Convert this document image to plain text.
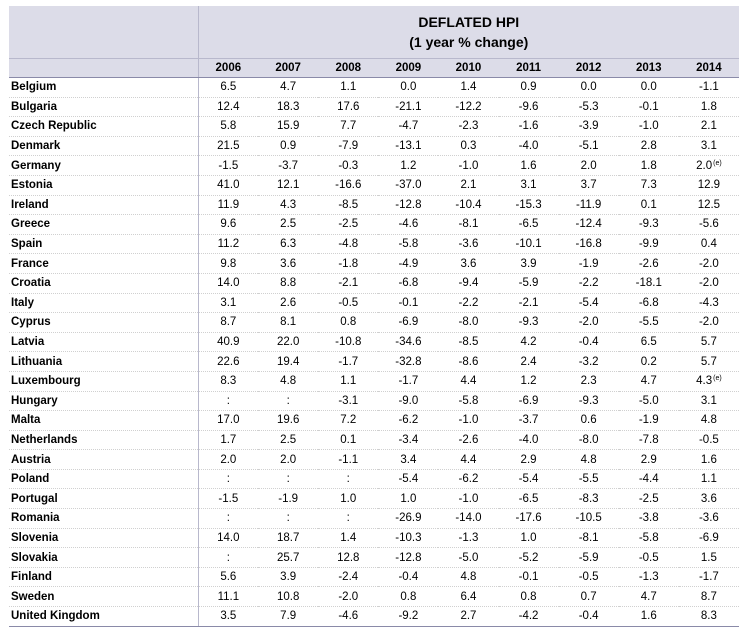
	DEFLATED HPI
(1 year % change)								

	2006	2007	2008	2009	2010	2011	2012	2013	2014
Belgium	6.5	4.7	1.1	0.0	1.4	0.9	0.0	0.0	-1.1
Bulgaria	12.4	18.3	17.6	-21.1	-12.2	-9.6	-5.3	-0.1	1.8
Czech Republic	5.8	15.9	7.7	-4.7	-2.3	-1.6	-3.9	-1.0	2.1
Denmark	21.5	0.9	-7.9	-13.1	0.3	-4.0	-5.1	2.8	3.1
Germany	-1.5	-3.7	-0.3	1.2	-1.0	1.6	2.0	1.8	2.0$^{(e)}$
Estonia	41.0	12.1	-16.6	-37.0	2.1	3.1	3.7	7.3	12.9
Ireland	11.9	4.3	-8.5	-12.8	-10.4	-15.3	-11.9	0.1	12.5
Greece	9.6	2.5	-2.5	-4.6	-8.1	-6.5	-12.4	-9.3	-5.6
Spain	11.2	6.3	-4.8	-5.8	-3.6	-10.1	-16.8	-9.9	0.4
France	9.8	3.6	-1.8	-4.9	3.6	3.9	-1.9	-2.6	-2.0
Croatia	14.0	8.8	-2.1	-6.8	-9.4	-5.9	-2.2	-18.1	-2.0
Italy	3.1	2.6	-0.5	-0.1	-2.2	-2.1	-5.4	-6.8	-4.3
Cyprus	8.7	8.1	0.8	-6.9	-8.0	-9.3	-2.0	-5.5	-2.0
Latvia	40.9	22.0	-10.8	-34.6	-8.5	4.2	-0.4	6.5	5.7
Lithuania	22.6	19.4	-1.7	-32.8	-8.6	2.4	-3.2	0.2	5.7
Luxembourg	8.3	4.8	1.1	-1.7	4.4	1.2	2.3	4.7	4.3$^{(e)}$
Hungary	:	:	-3.1	-9.0	-5.8	-6.9	-9.3	-5.0	3.1
Malta	17.0	19.6	7.2	-6.2	-1.0	-3.7	0.6	-1.9	4.8
Netherlands	1.7	2.5	0.1	-3.4	-2.6	-4.0	-8.0	-7.8	-0.5
Austria	2.0	2.0	-1.1	3.4	4.4	2.9	4.8	2.9	1.6
Poland	:	:	:	-5.4	-6.2	-5.4	-5.5	-4.4	1.1
Portugal	-1.5	-1.9	1.0	1.0	-1.0	-6.5	-8.3	-2.5	3.6
Romania	:	:	:	-26.9	-14.0	-17.6	-10.5	-3.8	-3.6
Slovenia	14.0	18.7	1.4	-10.3	-1.3	1.0	-8.1	-5.8	-6.9
Slovakia	:	25.7	12.8	-12.8	-5.0	-5.2	-5.9	-0.5	1.5
Finland	5.6	3.9	-2.4	-0.4	4.8	-0.1	-0.5	-1.3	-1.7
Sweden	11.1	10.8	-2.0	0.8	6.4	0.8	0.7	4.7	8.7
United Kingdom	3.5	7.9	-4.6	-9.2	2.7	-4.2	-0.4	1.6	8.3
